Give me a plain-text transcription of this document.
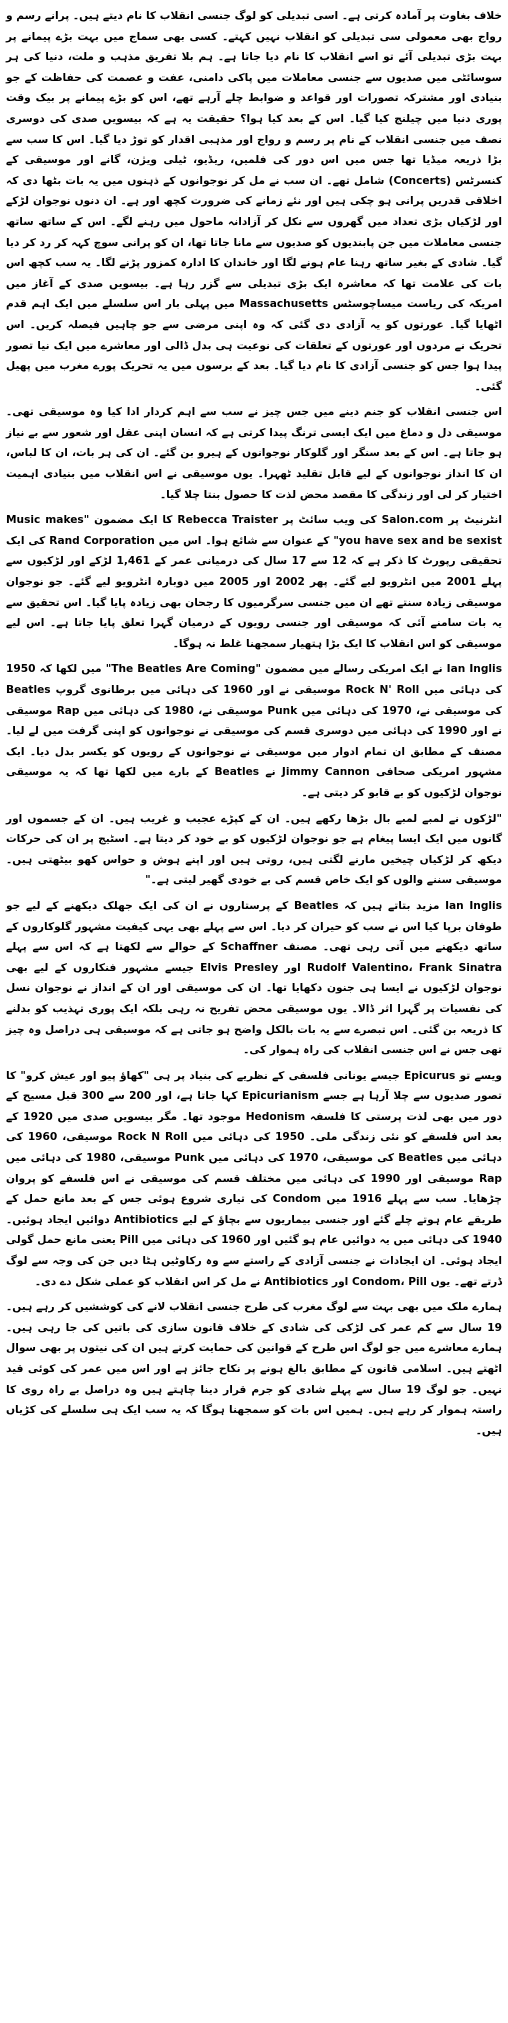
خلاف بغاوت پر آمادہ کرتی ہے۔ اسی تبدیلی کو لوگ جنسی انقلاب کا نام دیتے ہیں۔ پرانے رسم و رواج بھی معمولی سی تبدیلی کو انقلاب نہیں کہتے۔ کسی بھی سماج میں بہت بڑے پیمانے پر بہت بڑی تبدیلی آئے تو اسے انقلاب کا نام دیا جاتا ہے۔ ہم بلا تفریق مذہب و ملت، دنیا کی ہر سوسائٹی میں صدیوں سے جنسی معاملات میں پاکی دامنی، عفت و عصمت کی حفاظت کے جو بنیادی اور مشترکہ تصورات اور قواعد و ضوابط چلے آرہے تھے، اس کو بڑے پیمانے پر بیک وقت پوری دنیا میں چیلنج کیا گیا۔ اس کے بعد کیا ہوا؟ حقیقت یہ ہے کہ بیسویں صدی کی دوسری نصف میں جنسی انقلاب کے نام پر رسم و رواج اور مذہبی اقدار کو توڑ دیا گیا۔ اس کا سب سے بڑا ذریعہ میڈیا تھا جس میں اس دور کی فلمیں، ریڈیو، ٹیلی ویژن، گانے اور موسیقی کے کنسرٹس (Concerts) شامل تھے۔ ان سب نے مل کر نوجوانوں کے ذہنوں میں یہ بات بٹھا دی کہ اخلاقی قدریں پرانی ہو چکی ہیں اور نئے زمانے کی ضرورت کچھ اور ہے۔ ان دنوں نوجوان لڑکے اور لڑکیاں بڑی تعداد میں گھروں سے نکل کر آزادانہ ماحول میں رہنے لگے۔ اس کے ساتھ ساتھ جنسی معاملات میں جن پابندیوں کو صدیوں سے مانا جاتا تھا، ان کو پرانی سوچ کہہ کر رد کر دیا گیا۔ شادی کے بغیر ساتھ رہنا عام ہونے لگا اور خاندان کا ادارہ کمزور پڑنے لگا۔ یہ سب کچھ اس بات کی علامت تھا کہ معاشرہ ایک بڑی تبدیلی سے گزر رہا ہے۔ بیسویں صدی کے آغاز میں امریکہ کی ریاست میساچوسٹس Massachusetts میں پہلی بار اس سلسلے میں ایک اہم قدم اٹھایا گیا۔ عورتوں کو یہ آزادی دی گئی کہ وہ اپنی مرضی سے جو چاہیں فیصلہ کریں۔ اس تحریک نے مردوں اور عورتوں کے تعلقات کی نوعیت ہی بدل ڈالی اور معاشرے میں ایک نیا تصور پیدا ہوا جس کو جنسی آزادی کا نام دیا گیا۔ بعد کے برسوں میں یہ تحریک پورے مغرب میں پھیل گئی۔

اس جنسی انقلاب کو جنم دینے میں جس چیز نے سب سے اہم کردار ادا کیا وہ موسیقی تھی۔ موسیقی دل و دماغ میں ایک ایسی ترنگ پیدا کرتی ہے کہ انسان اپنی عقل اور شعور سے بے نیاز ہو جاتا ہے۔ اس کے بعد سنگر اور گلوکار نوجوانوں کے ہیرو بن گئے۔ ان کی ہر بات، ان کا لباس، ان کا انداز نوجوانوں کے لیے قابل تقلید ٹھہرا۔ یوں موسیقی نے اس انقلاب میں بنیادی اہمیت اختیار کر لی اور زندگی کا مقصد محض لذت کا حصول بنتا چلا گیا۔

انٹرنیٹ پر Salon.com کی ویب سائٹ پر Rebecca Traister کا ایک مضمون "Music makes you have sex and be sexist" کے عنوان سے شائع ہوا۔ اس میں Rand Corporation کی ایک تحقیقی رپورٹ کا ذکر ہے کہ 12 سے 17 سال کی درمیانی عمر کے 1,461 لڑکے اور لڑکیوں سے پہلے 2001 میں انٹرویو لیے گئے۔ پھر 2002 اور 2005 میں دوبارہ انٹرویو لیے گئے۔ جو نوجوان موسیقی زیادہ سنتے تھے ان میں جنسی سرگرمیوں کا رجحان بھی زیادہ پایا گیا۔ اس تحقیق سے یہ بات سامنے آئی کہ موسیقی اور جنسی رویوں کے درمیان گہرا تعلق پایا جاتا ہے۔ اس لیے موسیقی کو اس انقلاب کا ایک بڑا ہتھیار سمجھنا غلط نہ ہوگا۔

Ian Inglis نے ایک امریکی رسالے میں مضمون "The Beatles Are Coming" میں لکھا کہ 1950 کی دہائی میں Rock N' Roll موسیقی نے اور 1960 کی دہائی میں برطانوی گروپ Beatles کی موسیقی نے، 1970 کی دہائی میں Punk موسیقی نے، 1980 کی دہائی میں Rap موسیقی نے اور 1990 کی دہائی میں دوسری قسم کی موسیقی نے نوجوانوں کو اپنی گرفت میں لے لیا۔ مصنف کے مطابق ان تمام ادوار میں موسیقی نے نوجوانوں کے رویوں کو یکسر بدل دیا۔ ایک مشہور امریکی صحافی Jimmy Cannon نے Beatles کے بارے میں لکھا تھا کہ یہ موسیقی نوجوان لڑکیوں کو بے قابو کر دیتی ہے۔

"لڑکوں نے لمبے لمبے بال بڑھا رکھے ہیں۔ ان کے کپڑے عجیب و غریب ہیں۔ ان کے جسموں اور گانوں میں ایک ایسا پیغام ہے جو نوجوان لڑکیوں کو بے خود کر دیتا ہے۔ اسٹیج پر ان کی حرکات دیکھ کر لڑکیاں چیخیں مارنے لگتی ہیں، روتی ہیں اور اپنے ہوش و حواس کھو بیٹھتی ہیں۔ موسیقی سننے والوں کو ایک خاص قسم کی بے خودی گھیر لیتی ہے۔"

Ian Inglis مزید بتاتے ہیں کہ Beatles کے پرستاروں نے ان کی ایک جھلک دیکھنے کے لیے جو طوفان برپا کیا اس نے سب کو حیران کر دیا۔ اس سے پہلے بھی یہی کیفیت مشہور گلوکاروں کے ساتھ دیکھنے میں آتی رہی تھی۔ مصنف Schaffner کے حوالے سے لکھتا ہے کہ اس سے پہلے Rudolf Valentino، Frank Sinatra اور Elvis Presley جیسے مشہور فنکاروں کے لیے بھی نوجوان لڑکیوں نے ایسا ہی جنون دکھایا تھا۔ ان کی موسیقی اور ان کے انداز نے نوجوان نسل کی نفسیات پر گہرا اثر ڈالا۔ یوں موسیقی محض تفریح نہ رہی بلکہ ایک پوری تہذیب کو بدلنے کا ذریعہ بن گئی۔ اس تبصرے سے یہ بات بالکل واضح ہو جاتی ہے کہ موسیقی ہی دراصل وہ چیز تھی جس نے اس جنسی انقلاب کی راہ ہموار کی۔

ویسے تو Epicurus جیسے یونانی فلسفی کے نظریے کی بنیاد پر ہی "کھاؤ پیو اور عیش کرو" کا تصور صدیوں سے چلا آرہا ہے جسے Epicurianism کہا جاتا ہے، اور 200 سے 300 قبل مسیح کے دور میں بھی لذت پرستی کا فلسفہ Hedonism موجود تھا۔ مگر بیسویں صدی میں 1920 کے بعد اس فلسفے کو نئی زندگی ملی۔ 1950 کی دہائی میں Rock N Roll موسیقی، 1960 کی دہائی میں Beatles کی موسیقی، 1970 کی دہائی میں Punk موسیقی، 1980 کی دہائی میں Rap موسیقی اور 1990 کی دہائی میں مختلف قسم کی موسیقی نے اس فلسفے کو پروان چڑھایا۔ سب سے پہلے 1916 میں Condom کی تیاری شروع ہوئی جس کے بعد مانع حمل کے طریقے عام ہوتے چلے گئے اور جنسی بیماریوں سے بچاؤ کے لیے Antibiotics دوائیں ایجاد ہوئیں۔ 1940 کی دہائی میں یہ دوائیں عام ہو گئیں اور 1960 کی دہائی میں Pill یعنی مانع حمل گولی ایجاد ہوئی۔ ان ایجادات نے جنسی آزادی کے راستے سے وہ رکاوٹیں ہٹا دیں جن کی وجہ سے لوگ ڈرتے تھے۔ یوں Condom، Pill اور Antibiotics نے مل کر اس انقلاب کو عملی شکل دے دی۔

ہمارے ملک میں بھی بہت سے لوگ مغرب کی طرح جنسی انقلاب لانے کی کوششیں کر رہے ہیں۔ 19 سال سے کم عمر کی لڑکی کی شادی کے خلاف قانون سازی کی باتیں کی جا رہی ہیں۔ ہمارے معاشرے میں جو لوگ اس طرح کے قوانین کی حمایت کرتے ہیں ان کی نیتوں پر بھی سوال اٹھتے ہیں۔ اسلامی قانون کے مطابق بالغ ہونے پر نکاح جائز ہے اور اس میں عمر کی کوئی قید نہیں۔ جو لوگ 19 سال سے پہلے شادی کو جرم قرار دینا چاہتے ہیں وہ دراصل بے راہ روی کا راستہ ہموار کر رہے ہیں۔ ہمیں اس بات کو سمجھنا ہوگا کہ یہ سب ایک ہی سلسلے کی کڑیاں ہیں۔
